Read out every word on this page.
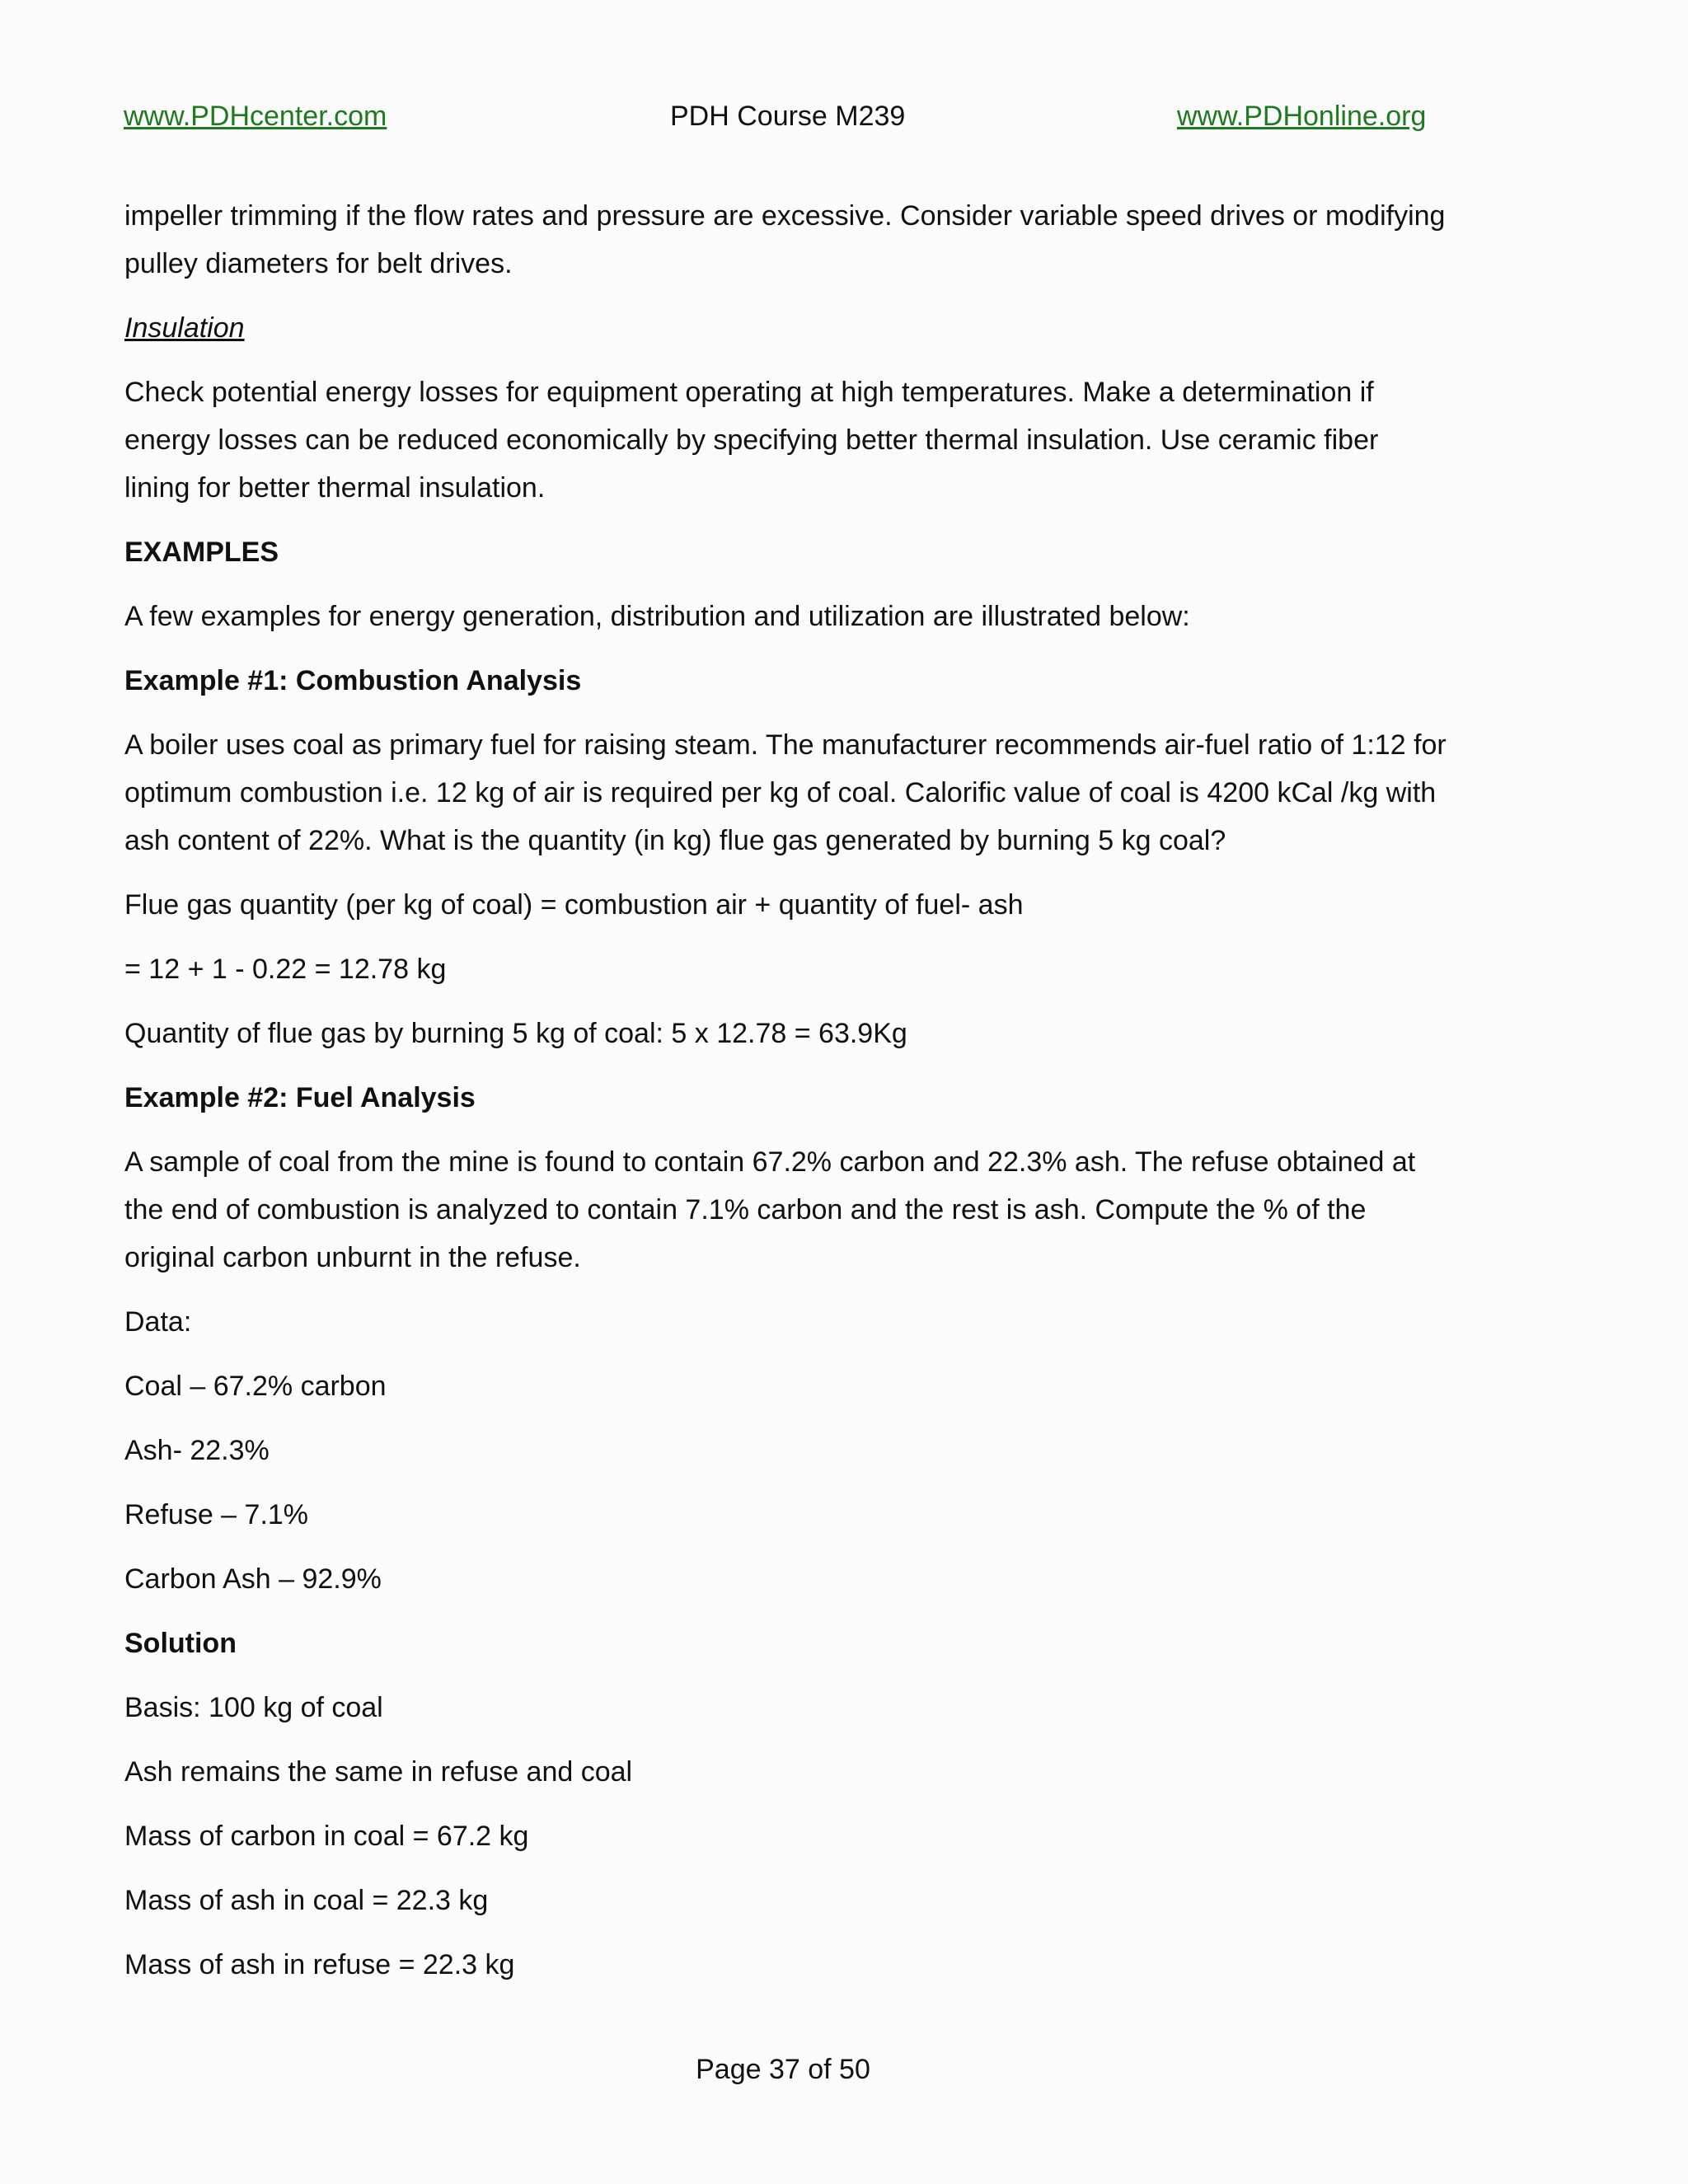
www.PDHcenter.com	PDH Course M239	www.PDHonline.org

impeller trimming if the flow rates and pressure are excessive. Consider variable speed drives or modifying pulley diameters for belt drives.

Insulation

Check potential energy losses for equipment operating at high temperatures. Make a determination if energy losses can be reduced economically by specifying better thermal insulation. Use ceramic fiber lining for better thermal insulation.

EXAMPLES

A few examples for energy generation, distribution and utilization are illustrated below:

Example #1: Combustion Analysis

A boiler uses coal as primary fuel for raising steam. The manufacturer recommends air-fuel ratio of 1:12 for optimum combustion i.e. 12 kg of air is required per kg of coal. Calorific value of coal is 4200 kCal /kg with ash content of 22%. What is the quantity (in kg) flue gas generated by burning 5 kg coal?

Flue gas quantity (per kg of coal) = combustion air + quantity of fuel- ash

= 12 + 1 - 0.22 = 12.78 kg

Quantity of flue gas by burning 5 kg of coal: 5 x 12.78 = 63.9Kg

Example #2: Fuel Analysis

A sample of coal from the mine is found to contain 67.2% carbon and 22.3% ash. The refuse obtained at the end of combustion is analyzed to contain 7.1% carbon and the rest is ash. Compute the % of the original carbon unburnt in the refuse.

Data:

Coal – 67.2% carbon

Ash- 22.3%

Refuse – 7.1%

Carbon Ash – 92.9%

Solution

Basis: 100 kg of coal

Ash remains the same in refuse and coal

Mass of carbon in coal = 67.2 kg

Mass of ash in coal = 22.3 kg

Mass of ash in refuse = 22.3 kg

Page 37 of 50
